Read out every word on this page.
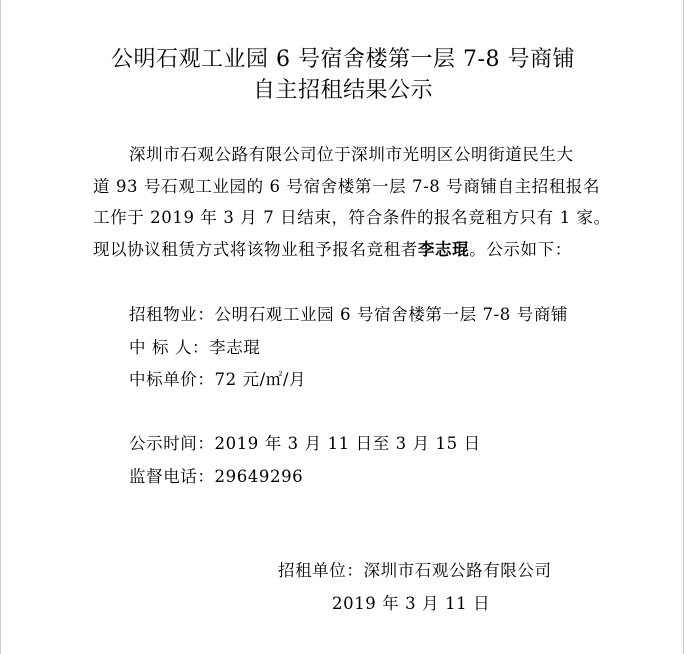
公明石观工业园 6 号宿舍楼第一层 7-8 号商铺
自主招租结果公示
深圳市石观公路有限公司位于深圳市光明区公明街道民生大
道 93 号石观工业园的 6 号宿舍楼第一层 7-8 号商铺自主招租报名
工作于 2019 年 3 月 7 日结束，符合条件的报名竞租方只有 1 家。
现以协议租赁方式将该物业租予报名竞租者李志琨。公示如下：
招租物业：公明石观工业园 6 号宿舍楼第一层 7-8 号商铺
中 标 人：李志琨
中标单价：72 元/㎡/月
公示时间：2019 年 3 月 11 日至 3 月 15 日
监督电话：29649296
招租单位：深圳市石观公路有限公司
2019 年 3 月 11 日
